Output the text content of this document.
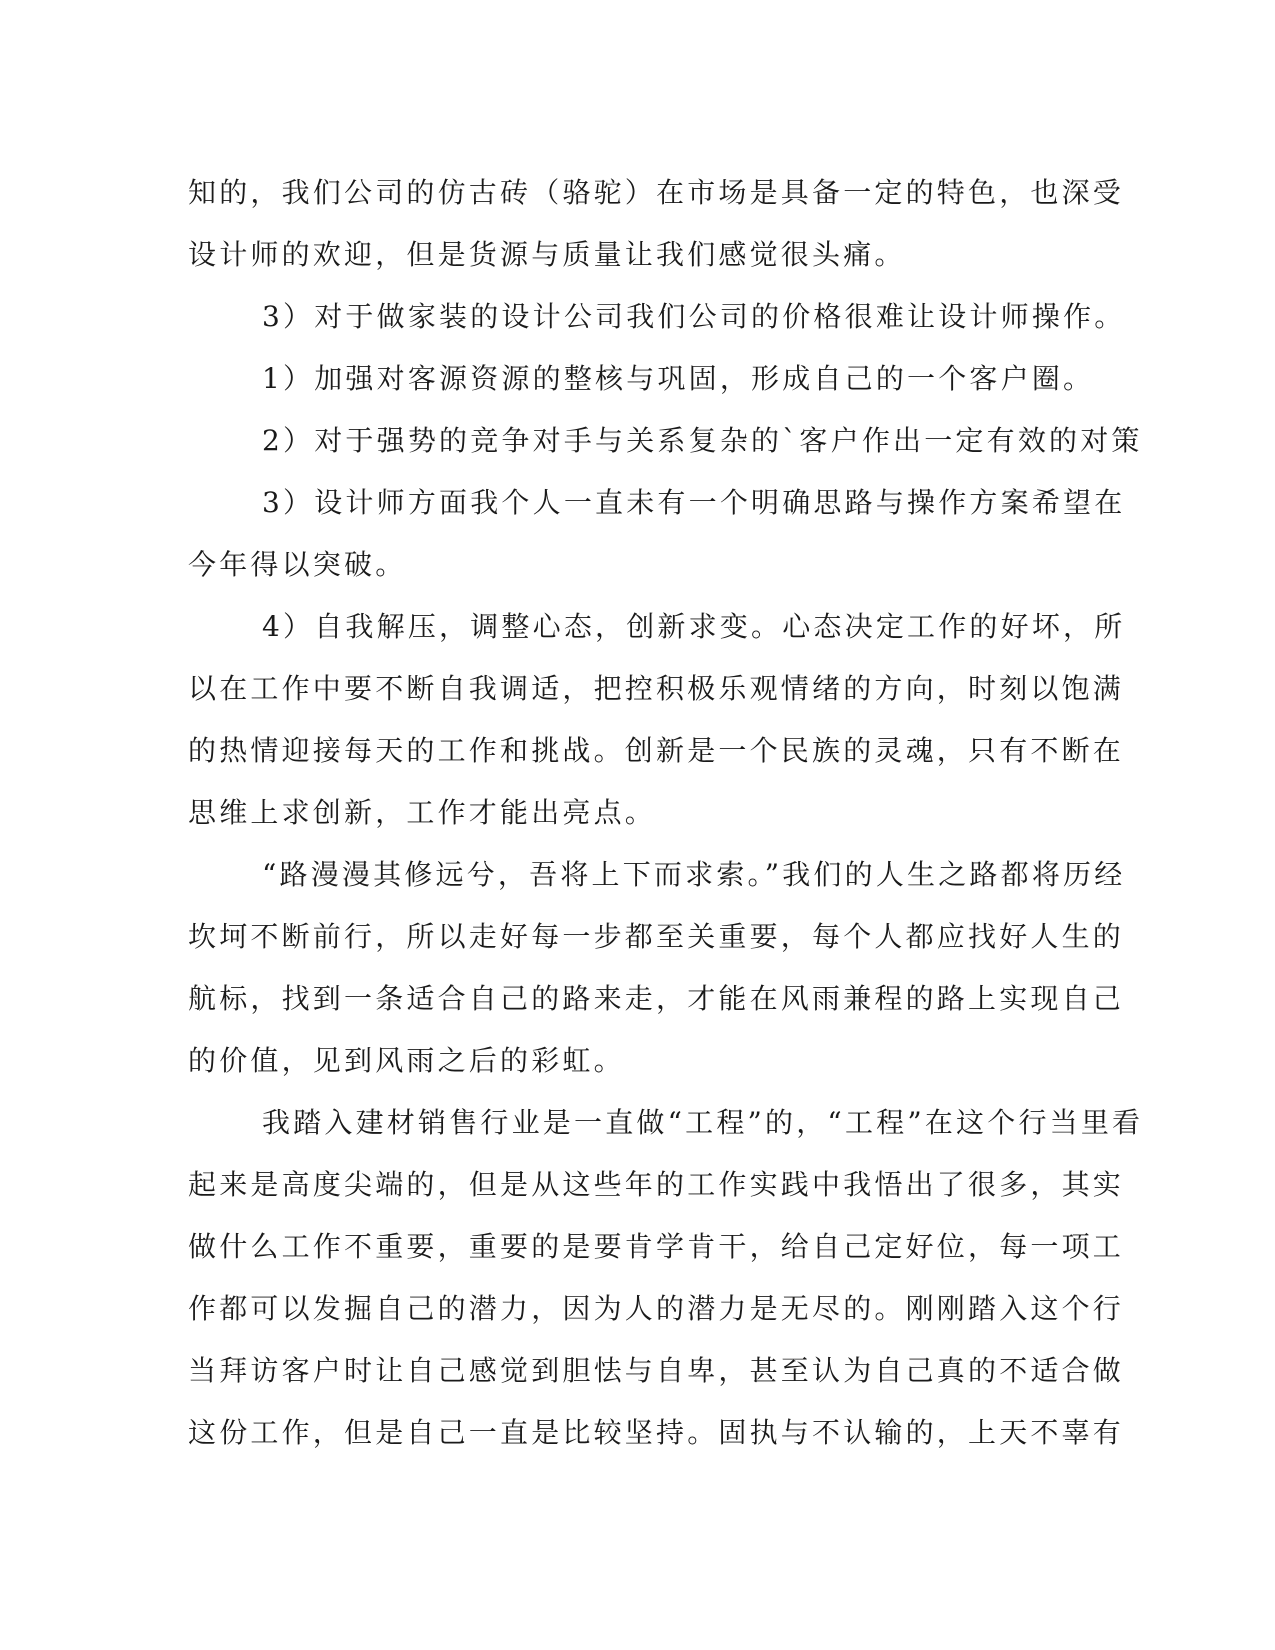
知的，我们公司的仿古砖（骆驼）在市场是具备一定的特色，也深受
设计师的欢迎，但是货源与质量让我们感觉很头痛。
3）对于做家装的设计公司我们公司的价格很难让设计师操作。
1）加强对客源资源的整核与巩固，形成自己的一个客户圈。
2）对于强势的竞争对手与关系复杂的`客户作出一定有效的对策
3）设计师方面我个人一直未有一个明确思路与操作方案希望在
今年得以突破。
4）自我解压，调整心态，创新求变。心态决定工作的好坏，所
以在工作中要不断自我调适，把控积极乐观情绪的方向，时刻以饱满
的热情迎接每天的工作和挑战。创新是一个民族的灵魂，只有不断在
思维上求创新，工作才能出亮点。
“路漫漫其修远兮，吾将上下而求索。”我们的人生之路都将历经
坎坷不断前行，所以走好每一步都至关重要，每个人都应找好人生的
航标，找到一条适合自己的路来走，才能在风雨兼程的路上实现自己
的价值，见到风雨之后的彩虹。
我踏入建材销售行业是一直做“工程”的，“工程”在这个行当里看
起来是高度尖端的，但是从这些年的工作实践中我悟出了很多，其实
做什么工作不重要，重要的是要肯学肯干，给自己定好位，每一项工
作都可以发掘自己的潜力，因为人的潜力是无尽的。刚刚踏入这个行
当拜访客户时让自己感觉到胆怯与自卑，甚至认为自己真的不适合做
这份工作，但是自己一直是比较坚持。固执与不认输的，上天不辜有
